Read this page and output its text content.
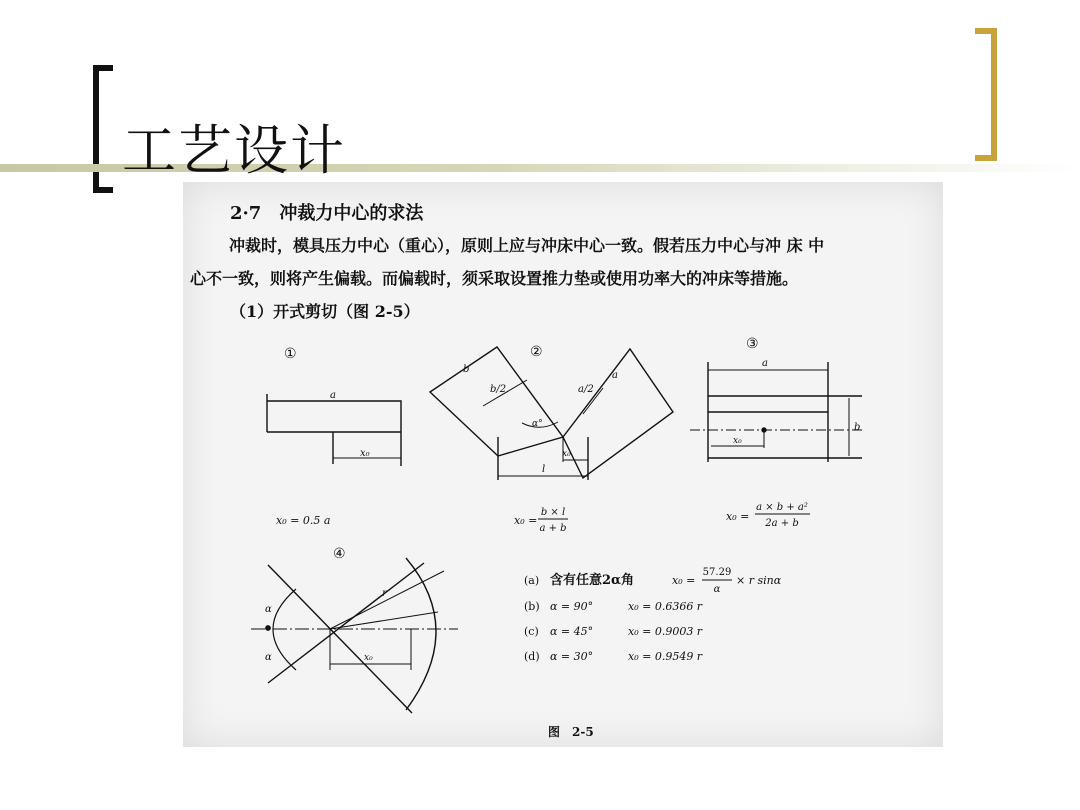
工艺设计
2·7　冲裁力中心的求法
冲裁时，模具压力中心（重心），原则上应与冲床中心一致。假若压力中心与冲 床 中
心不一致，则将产生偏载。而偏载时，须采取设置推力垫或使用功率大的冲床等措施。
（1）开式剪切（图 2-5）
①
a
x₀
x₀ = 0.5 a
②
b
b/2	a/2
a
α°
x₀
l
x₀ =
b × l
a + b
③
a
b
x₀
x₀ =
a × b + a²
2a + b
④
α
α
r
x₀
(a) 含有任意2α角	x₀ =
57.29
α
× r sinα
(b) α = 90°	x₀ = 0.6366 r
(c) α = 45°	x₀ = 0.9003 r
(d) α = 30°	x₀ = 0.9549 r
图　2-5
